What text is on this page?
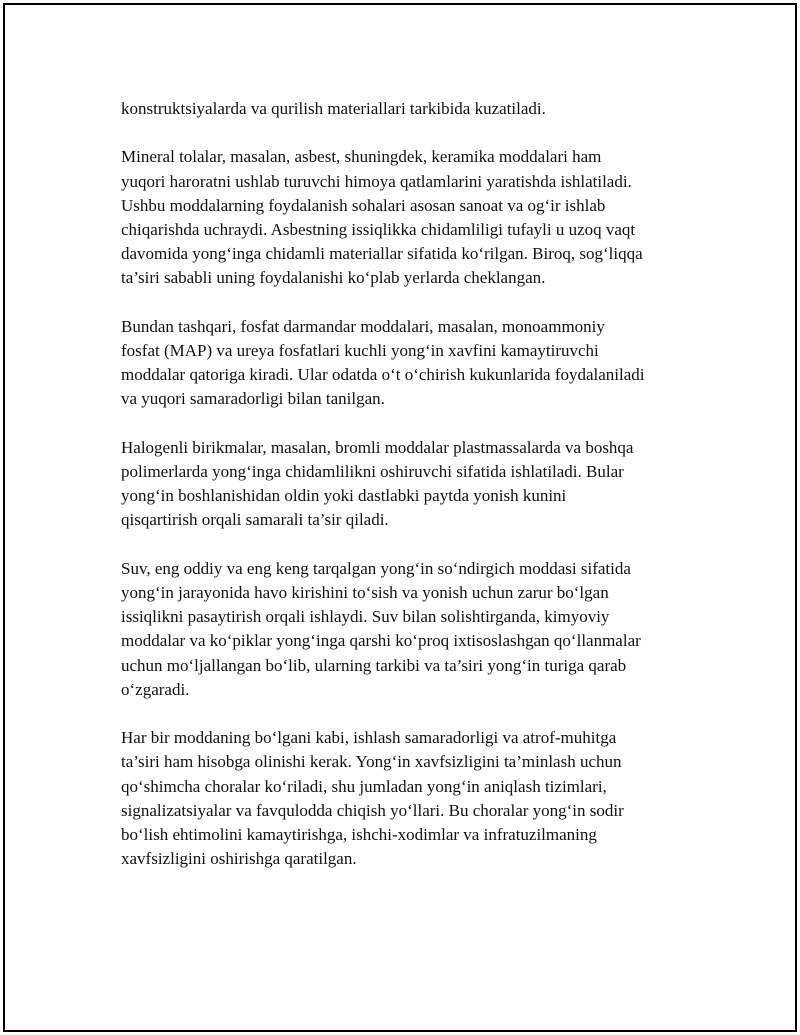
konstruktsiyalarda va qurilish materiallari tarkibida kuzatiladi.

Mineral tolalar, masalan, asbest, shuningdek, keramika moddalari ham
yuqori haroratni ushlab turuvchi himoya qatlamlarini yaratishda ishlatiladi.
Ushbu moddalarning foydalanish sohalari asosan sanoat va og‘ir ishlab
chiqarishda uchraydi. Asbestning issiqlikka chidamliligi tufayli u uzoq vaqt
davomida yong‘inga chidamli materiallar sifatida ko‘rilgan. Biroq, sog‘liqqa
ta’siri sababli uning foydalanishi ko‘plab yerlarda cheklangan.

Bundan tashqari, fosfat darmandar moddalari, masalan, monoammoniy
fosfat (MAP) va ureya fosfatlari kuchli yong‘in xavfini kamaytiruvchi
moddalar qatoriga kiradi. Ular odatda o‘t o‘chirish kukunlarida foydalaniladi
va yuqori samaradorligi bilan tanilgan.

Halogenli birikmalar, masalan, bromli moddalar plastmassalarda va boshqa
polimerlarda yong‘inga chidamlilikni oshiruvchi sifatida ishlatiladi. Bular
yong‘in boshlanishidan oldin yoki dastlabki paytda yonish kunini
qisqartirish orqali samarali ta’sir qiladi.

Suv, eng oddiy va eng keng tarqalgan yong‘in so‘ndirgich moddasi sifatida
yong‘in jarayonida havo kirishini to‘sish va yonish uchun zarur bo‘lgan
issiqlikni pasaytirish orqali ishlaydi. Suv bilan solishtirganda, kimyoviy
moddalar va ko‘piklar yong‘inga qarshi ko‘proq ixtisoslashgan qo‘llanmalar
uchun mo‘ljallangan bo‘lib, ularning tarkibi va ta’siri yong‘in turiga qarab
o‘zgaradi.

Har bir moddaning bo‘lgani kabi, ishlash samaradorligi va atrof-muhitga
ta’siri ham hisobga olinishi kerak. Yong‘in xavfsizligini ta’minlash uchun
qo‘shimcha choralar ko‘riladi, shu jumladan yong‘in aniqlash tizimlari,
signalizatsiyalar va favqulodda chiqish yo‘llari. Bu choralar yong‘in sodir
bo‘lish ehtimolini kamaytirishga, ishchi-xodimlar va infratuzilmaning
xavfsizligini oshirishga qaratilgan.
